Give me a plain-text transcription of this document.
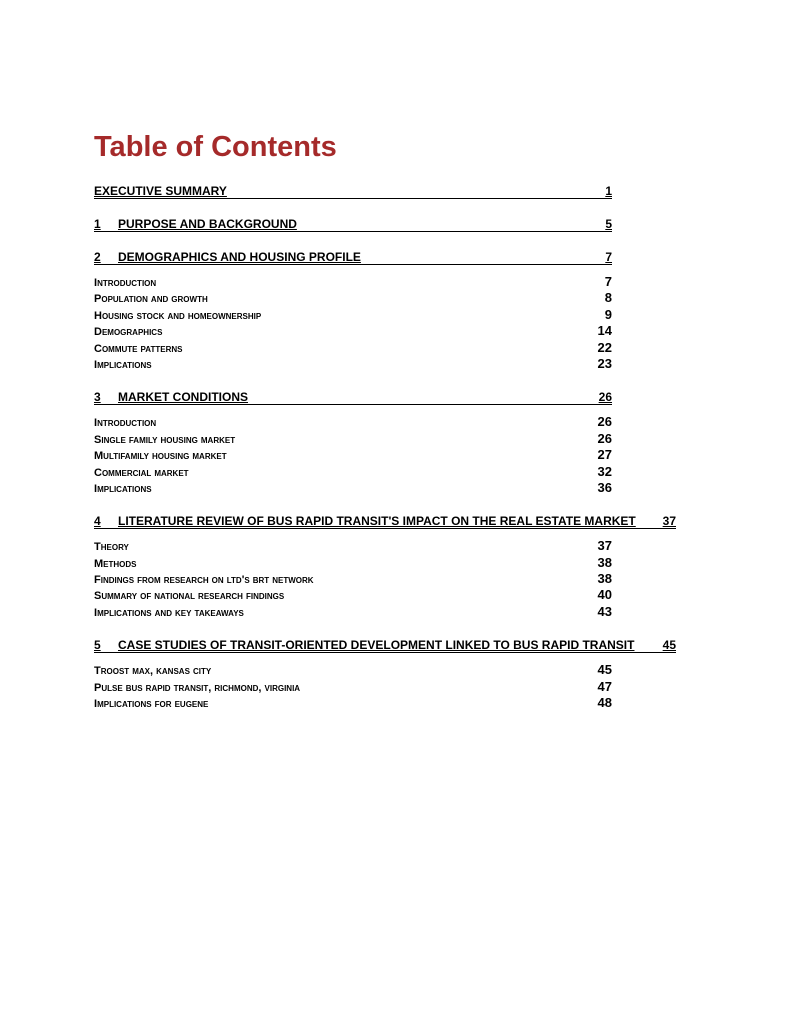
Table of Contents
EXECUTIVE SUMMARY	1
1	PURPOSE AND BACKGROUND	5
2	DEMOGRAPHICS AND HOUSING PROFILE	7
Introduction	7
Population and growth	8
Housing stock and homeownership	9
Demographics	14
Commute patterns	22
Implications	23
3	MARKET CONDITIONS	26
Introduction	26
Single family housing market	26
Multifamily housing market	27
Commercial market	32
Implications	36
4	LITERATURE REVIEW OF BUS RAPID TRANSIT'S IMPACT ON THE REAL ESTATE MARKET	37
Theory	37
Methods	38
Findings from research on ltd's brt network	38
Summary of national research findings	40
Implications and key takeaways	43
5	CASE STUDIES OF TRANSIT-ORIENTED DEVELOPMENT LINKED TO BUS RAPID TRANSIT	45
Troost max, kansas city	45
Pulse bus rapid transit, richmond, virginia	47
Implications for eugene	48
